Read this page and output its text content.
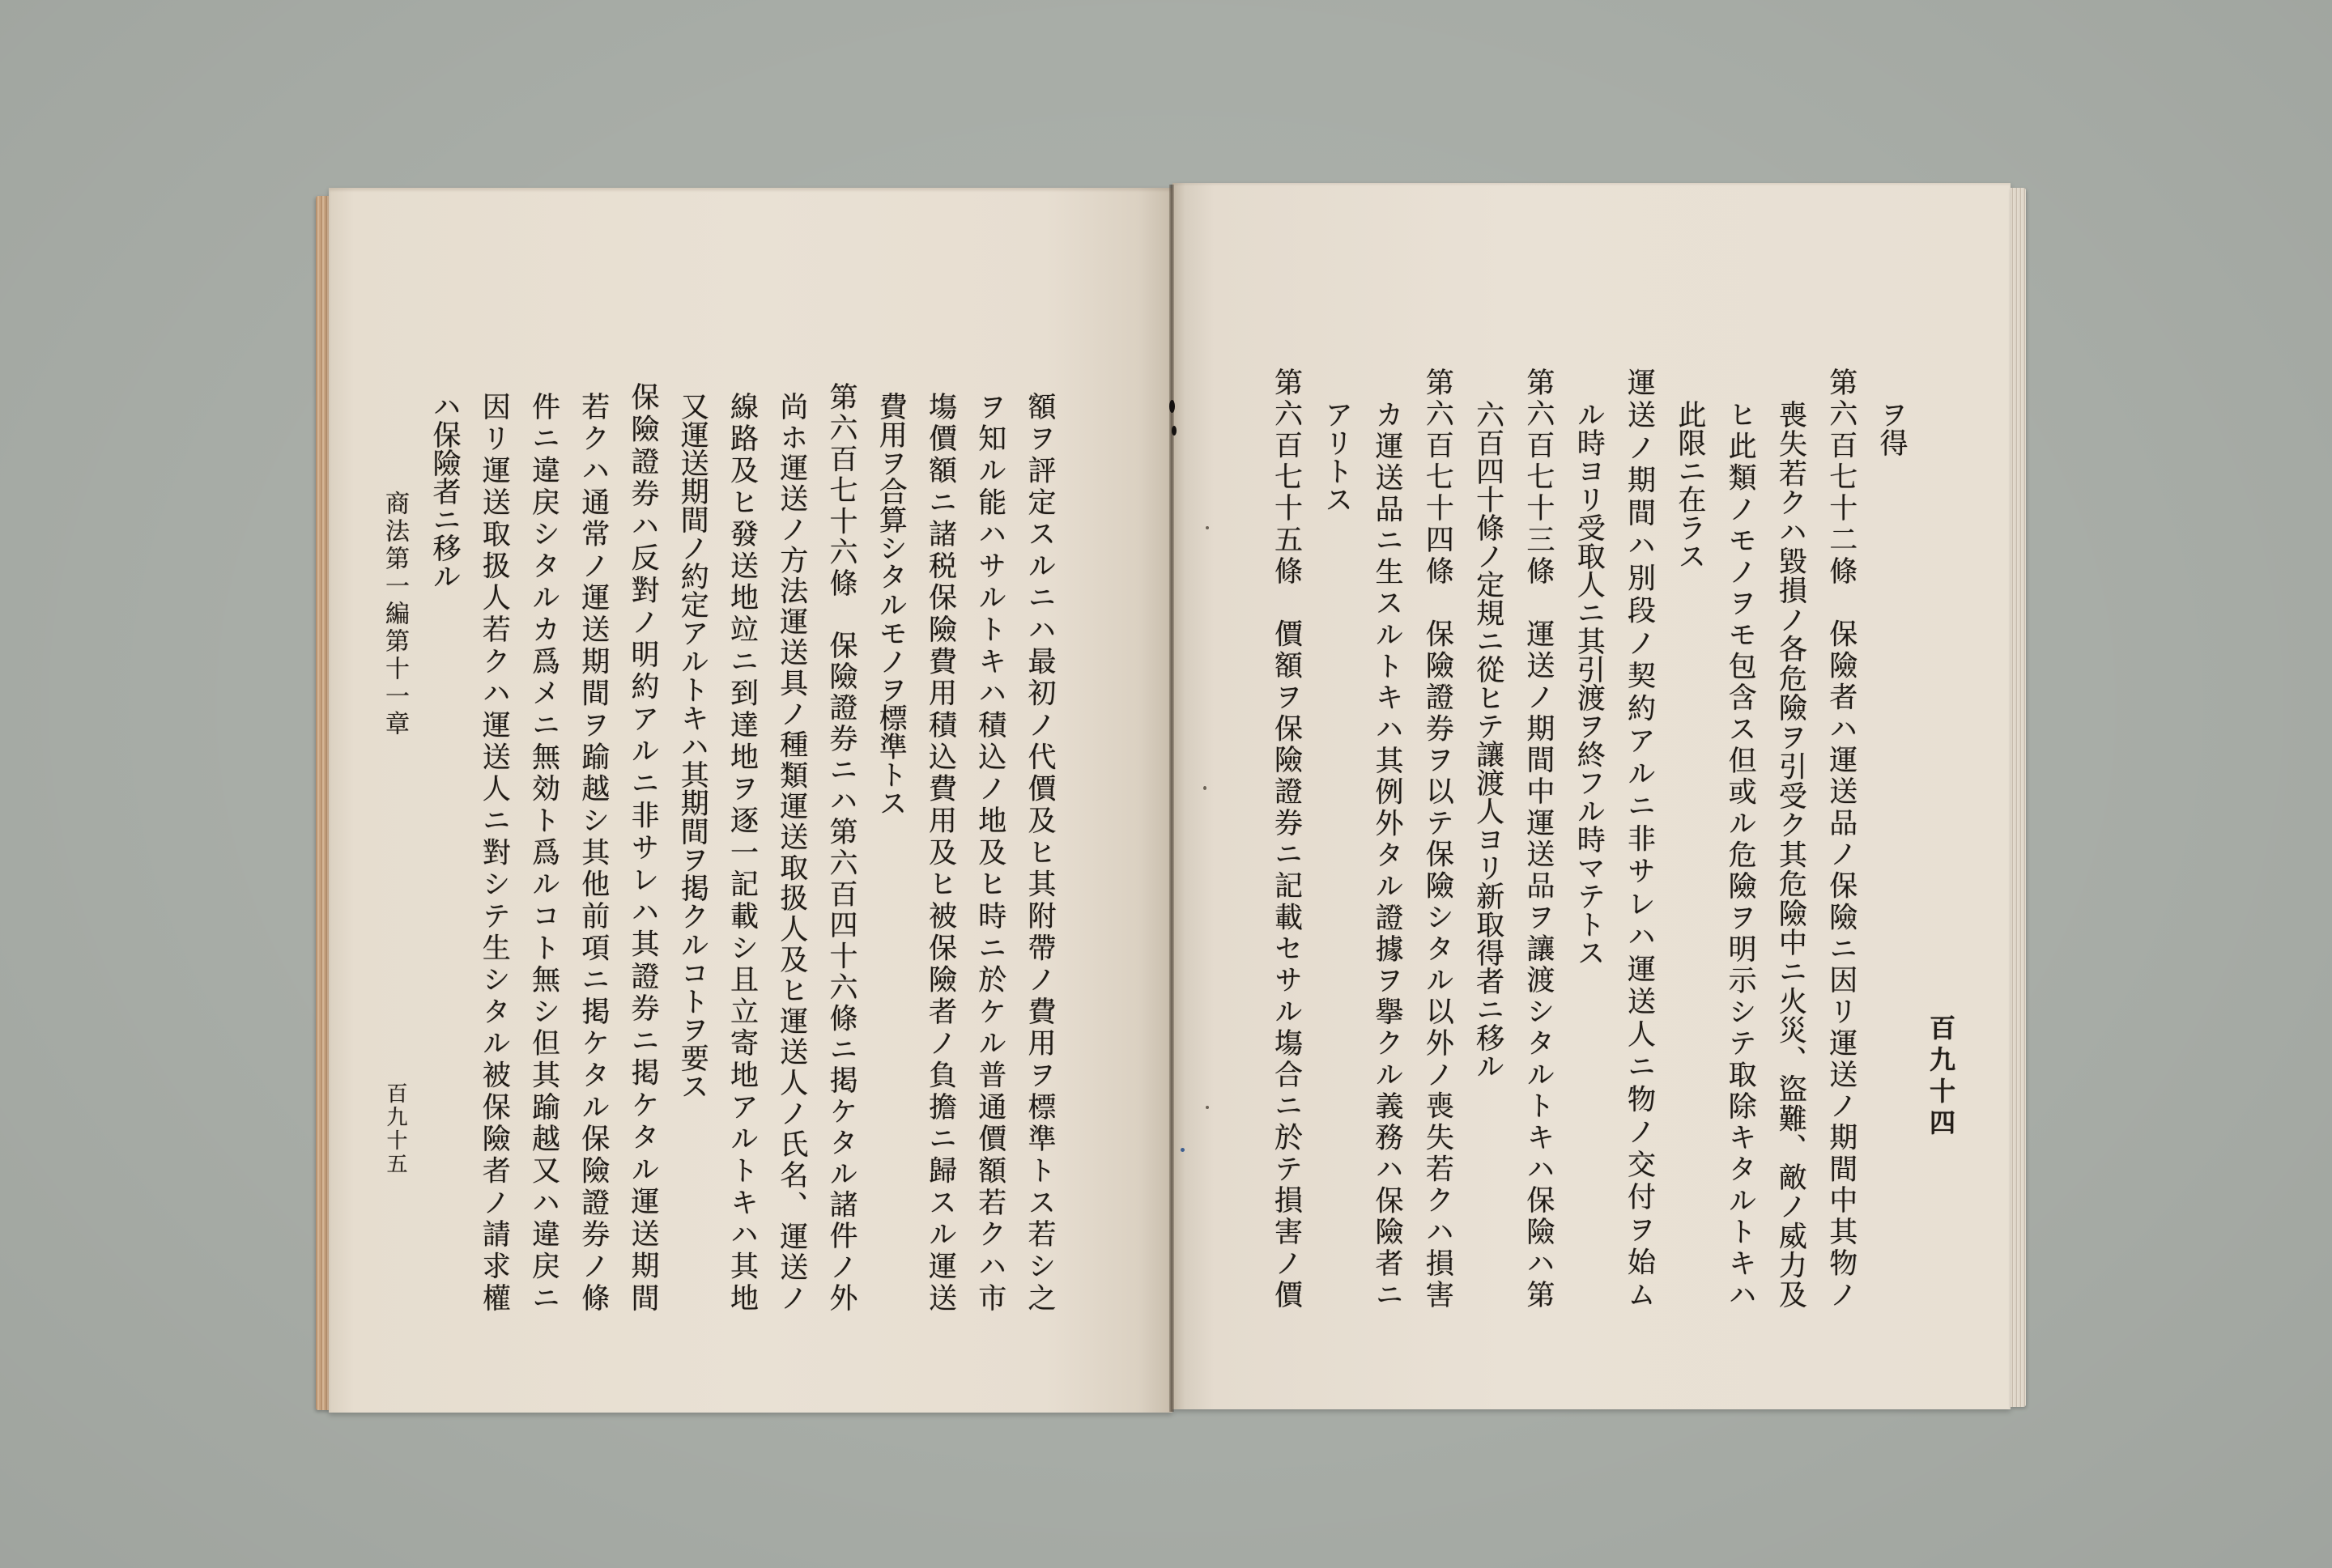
額ヲ評定スルニハ最初ノ代價及ヒ其附帶ノ費用ヲ標準トス若シ之
ヲ知ル能ハサルトキハ積込ノ地及ヒ時ニ於ケル普通價額若クハ市
塲價額ニ諸税保險費用積込費用及ヒ被保險者ノ負擔ニ歸スル運送
費用ヲ合算シタルモノヲ標準トス
第六百七十六條　保險證券ニハ第六百四十六條ニ掲ケタル諸件ノ外
尚ホ運送ノ方法運送具ノ種類運送取扱人及ヒ運送人ノ氏名、運送ノ
線路及ヒ發送地竝ニ到達地ヲ逐一記載シ且立寄地アルトキハ其地
又運送期間ノ約定アルトキハ其期間ヲ掲クルコトヲ要ス
保險證券ハ反對ノ明約アルニ非サレハ其證券ニ掲ケタル運送期間
若クハ通常ノ運送期間ヲ踰越シ其他前項ニ掲ケタル保險證券ノ條
件ニ違戻シタルカ爲メニ無効ト爲ルコト無シ但其踰越又ハ違戻ニ
因リ運送取扱人若クハ運送人ニ對シテ生シタル被保險者ノ請求權
ハ保險者ニ移ル
商法第一編第十一章
百九十五
ヲ得
第六百七十二條　保險者ハ運送品ノ保險ニ因リ運送ノ期間中其物ノ
喪失若クハ毀損ノ各危險ヲ引受ク其危險中ニ火災、盜難、敵ノ威力及
ヒ此類ノモノヲモ包含ス但或ル危險ヲ明示シテ取除キタルトキハ
此限ニ在ラス
運送ノ期間ハ別段ノ契約アルニ非サレハ運送人ニ物ノ交付ヲ始ム
ル時ヨリ受取人ニ其引渡ヲ終フル時マテトス
第六百七十三條　運送ノ期間中運送品ヲ讓渡シタルトキハ保險ハ第
六百四十條ノ定規ニ從ヒテ讓渡人ヨリ新取得者ニ移ル
第六百七十四條　保險證券ヲ以テ保險シタル以外ノ喪失若クハ損害
カ運送品ニ生スルトキハ其例外タル證據ヲ擧クル義務ハ保險者ニ
アリトス
第六百七十五條　價額ヲ保險證券ニ記載セサル塲合ニ於テ損害ノ價	百九十四
